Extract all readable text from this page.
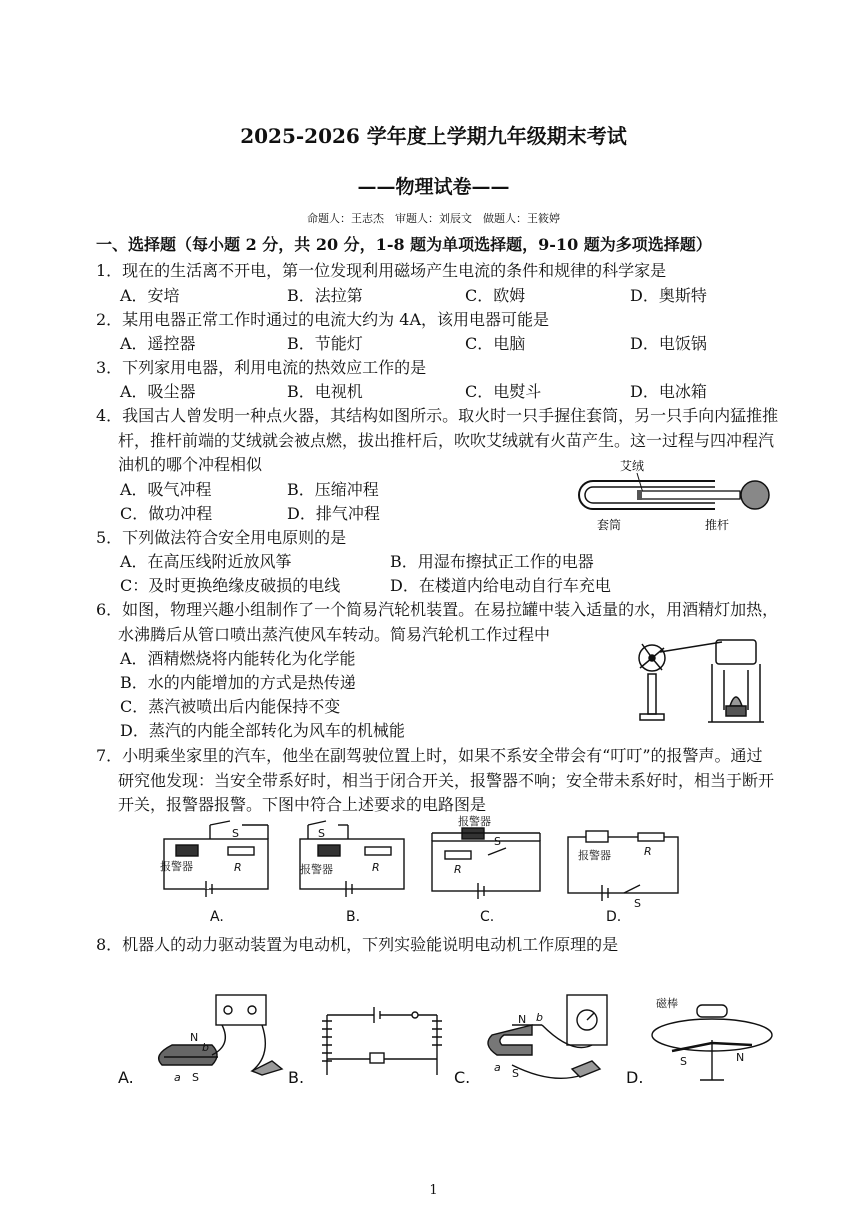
2025-2026 学年度上学期九年级期末考试
——物理试卷——
命题人：王志杰　审题人：刘辰文　做题人：王筱婷
一、选择题（每小题 2 分，共 20 分，1-8 题为单项选择题，9-10 题为多项选择题）
1．现在的生活离不开电，第一位发现利用磁场产生电流的条件和规律的科学家是
A．安培	B．法拉第	C．欧姆	D．奥斯特
2．某用电器正常工作时通过的电流大约为 4A，该用电器可能是
A．遥控器	B．节能灯	C．电脑	D．电饭锅
3．下列家用电器，利用电流的热效应工作的是
A．吸尘器	B．电视机	C．电熨斗	D．电冰箱
4．我国古人曾发明一种点火器，其结构如图所示。取火时一只手握住套筒，另一只手向内猛推推
杆，推杆前端的艾绒就会被点燃，拔出推杆后，吹吹艾绒就有火苗产生。这一过程与四冲程汽
油机的哪个冲程相似
A．吸气冲程	B．压缩冲程
C．做功冲程	D．排气冲程
艾绒
套筒	推杆
5．下列做法符合安全用电原则的是
A．在高压线附近放风筝	B．用湿布擦拭正工作的电器
C：及时更换绝缘皮破损的电线	D．在楼道内给电动自行车充电
6．如图，物理兴趣小组制作了一个简易汽轮机装置。在易拉罐中装入适量的水，用酒精灯加热，
水沸腾后从管口喷出蒸汽使风车转动。简易汽轮机工作过程中
A．酒精燃烧将内能转化为化学能
B．水的内能增加的方式是热传递
C．蒸汽被喷出后内能保持不变
D．蒸汽的内能全部转化为风车的机械能
7．小明乘坐家里的汽车，他坐在副驾驶位置上时，如果不系安全带会有“叮叮”的报警声。通过
研究他发现：当安全带系好时，相当于闭合开关，报警器不响；安全带未系好时，相当于断开
开关，报警器报警。下图中符合上述要求的电路图是
报警器	R
S
报警器	R
S
报警器
R
S
报警器	R
S
A.	B.	C.	D.
8．机器人的动力驱动装置为电动机，下列实验能说明电动机工作原理的是
N
b
a S
N b
a S
磁棒
S	N
A.	B.	C.	D.
1
